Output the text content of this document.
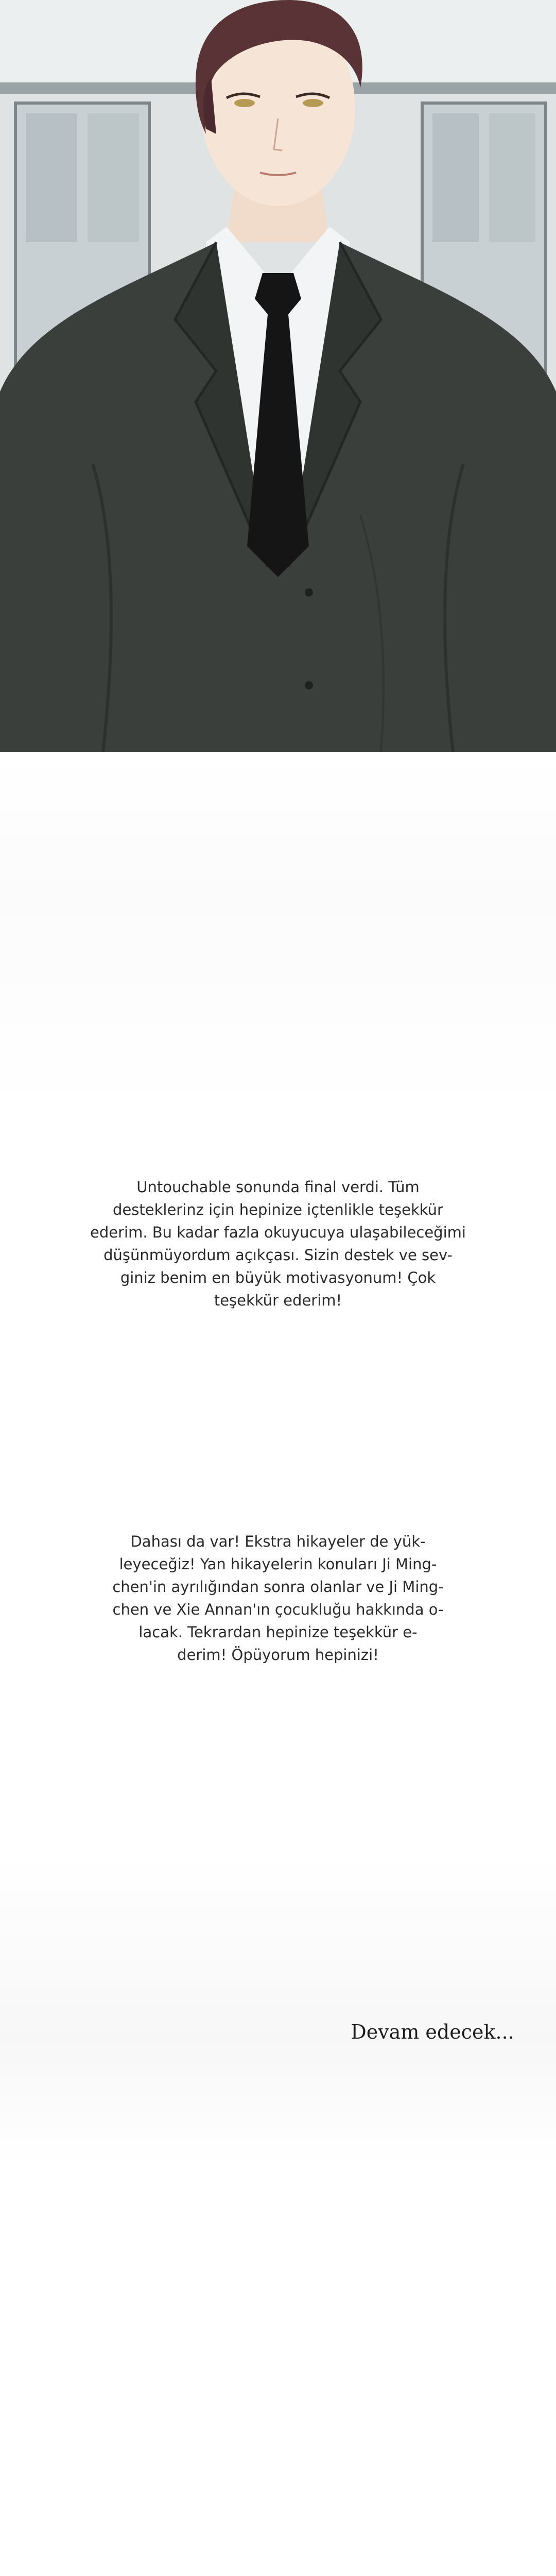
Untouchable sonunda final verdi. Tüm
desteklerinz için hepinize içtenlikle teşekkür
ederim. Bu kadar fazla okuyucuya ulaşabileceğimi
düşünmüyordum açıkçası. Sizin destek ve sev-
giniz benim en büyük motivasyonum! Çok
teşekkür ederim!
Dahası da var! Ekstra hikayeler de yük-
leyeceğiz! Yan hikayelerin konuları Ji Ming-
chen'in ayrılığından sonra olanlar ve Ji Ming-
chen ve Xie Annan'ın çocukluğu hakkında o-
lacak. Tekrardan hepinize teşekkür e-
derim! Öpüyorum hepinizi!
Devam edecek...
